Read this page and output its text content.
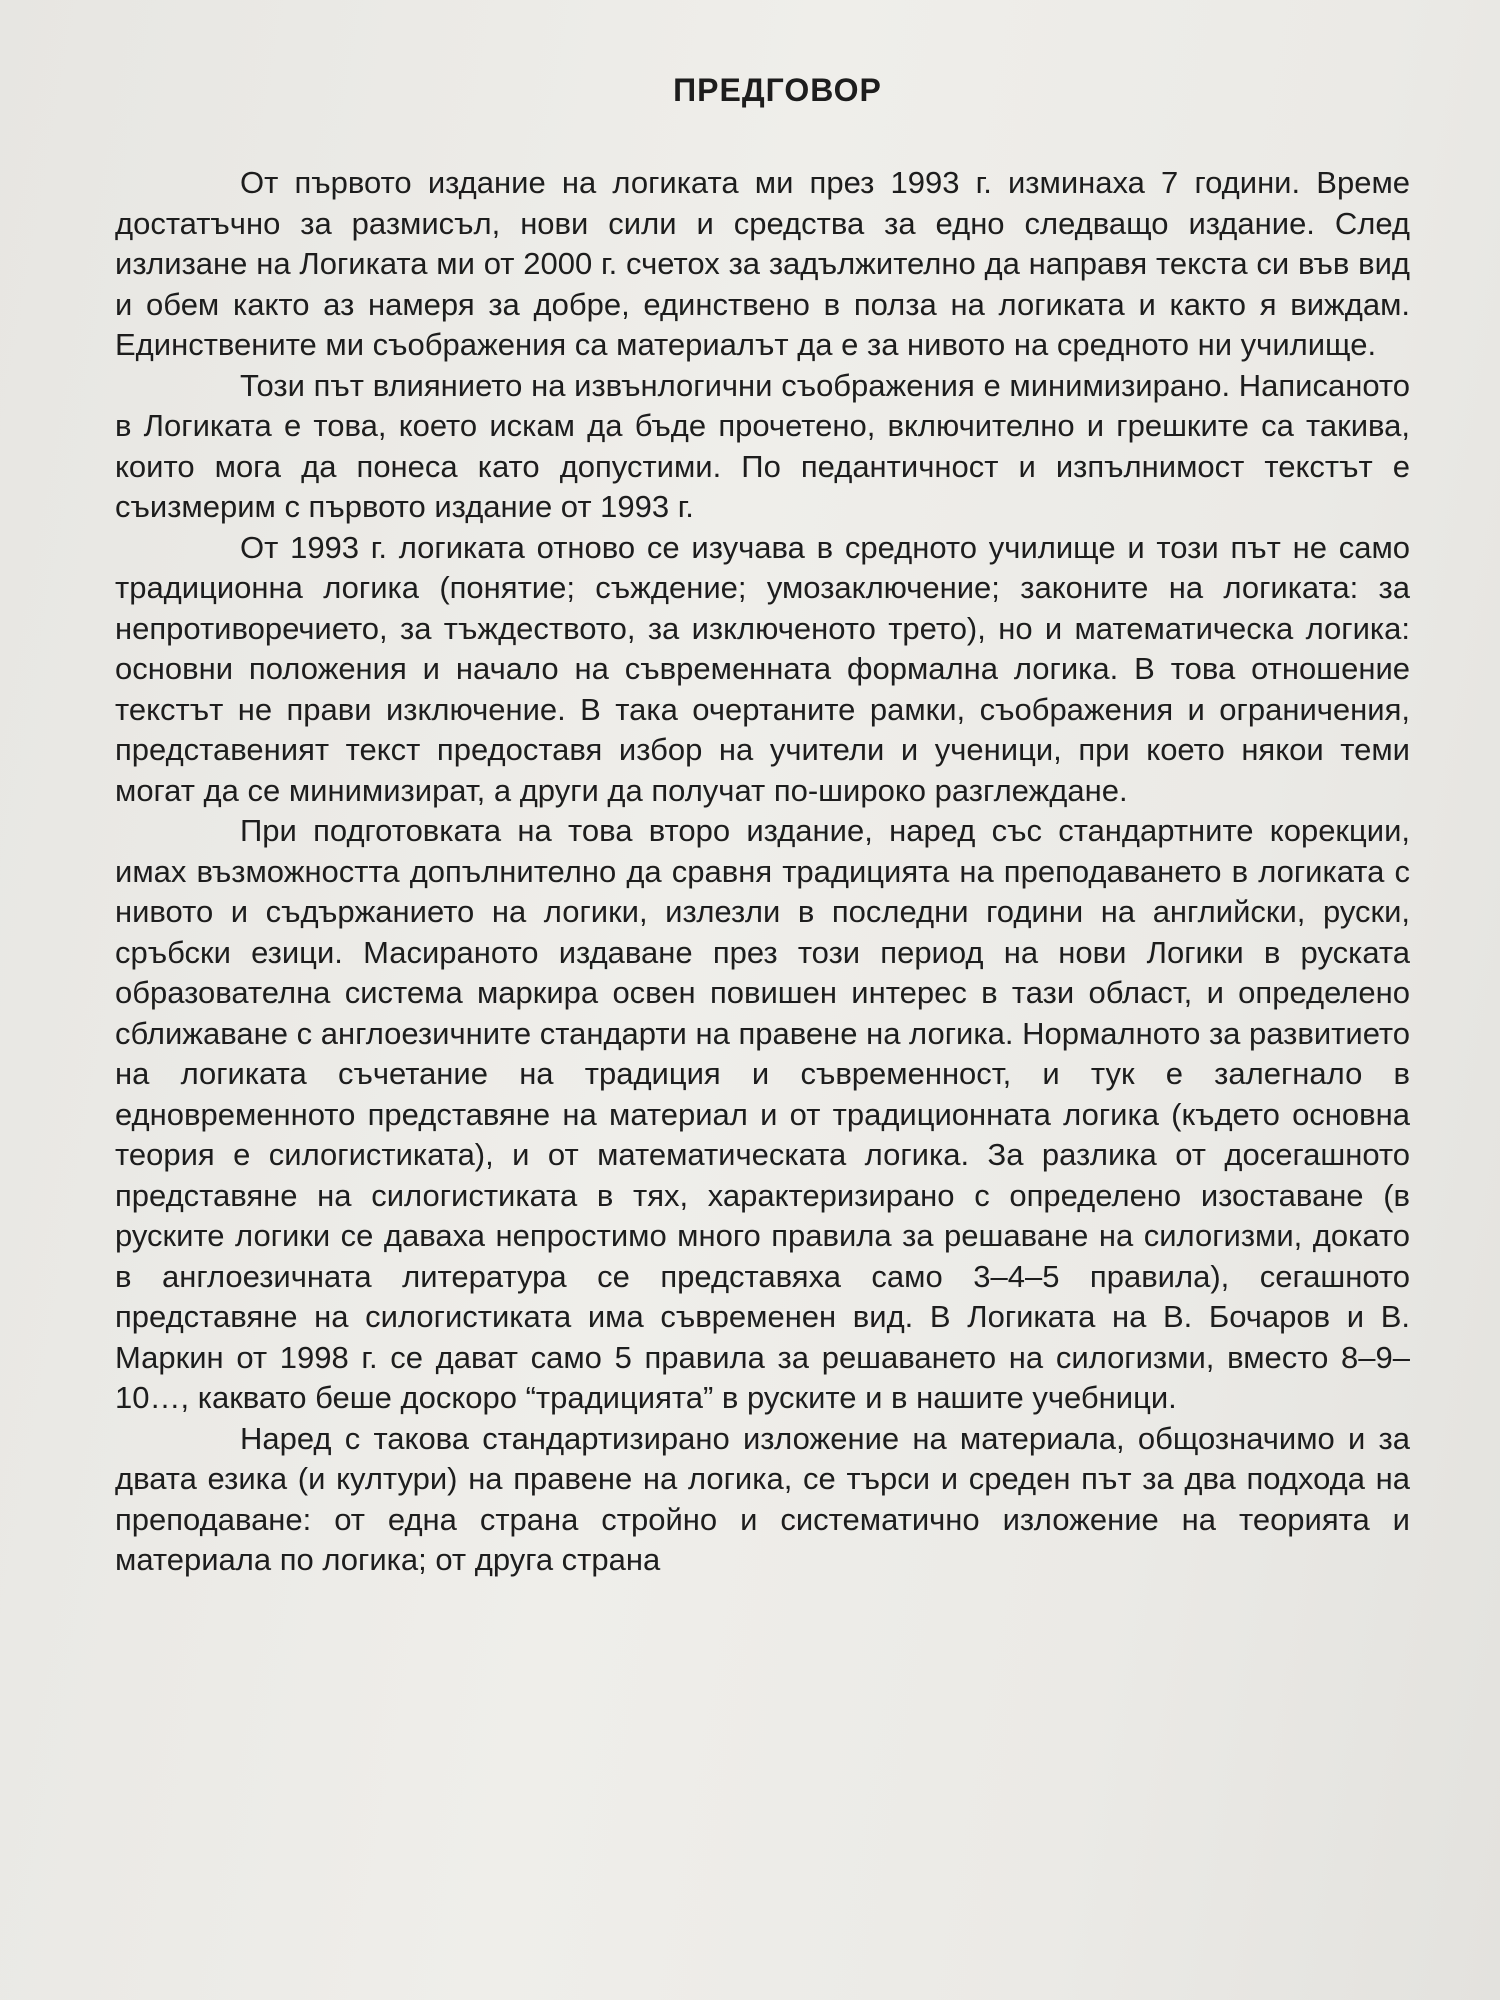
ПРЕДГОВОР

От първото издание на логиката ми през 1993 г. изминаха 7 години. Време достатъчно за размисъл, нови сили и средства за едно следващо издание. След излизане на Логиката ми от 2000 г. счетох за задължително да направя текста си във вид и обем както аз намеря за добре, единствено в полза на логиката и както я виждам. Единствените ми съображения са материалът да е за нивото на средното ни училище.

Този път влиянието на извънлогични съображения е минимизирано. Написаното в Логиката е това, което искам да бъде прочетено, включително и грешките са такива, които мога да понеса като допустими. По педантичност и изпълнимост текстът е съизмерим с първото издание от 1993 г.

От 1993 г. логиката отново се изучава в средното училище и този път не само традиционна логика (понятие; съждение; умозаключение; законите на логиката: за непротиворечието, за тъждеството, за изключеното трето), но и математическа логика: основни положения и начало на съвременната формална логика. В това отношение текстът не прави изключение. В така очертаните рамки, съображения и ограничения, представеният текст предоставя избор на учители и ученици, при което някои теми могат да се минимизират, а други да получат по-широко разглеждане.

При подготовката на това второ издание, наред със стандартните корекции, имах възможността допълнително да сравня традицията на преподаването в логиката с нивото и съдържанието на логики, излезли в последни години на английски, руски, сръбски езици. Масираното издаване през този период на нови Логики в руската образователна система маркира освен повишен интерес в тази област, и определено сближаване с англоезичните стандарти на правене на логика. Нормалното за развитието на логиката съчетание на традиция и съвременност, и тук е залегнало в едновременното представяне на материал и от традиционната логика (където основна теория е силогистиката), и от математическата логика. За разлика от досегашното представяне на силогистиката в тях, характеризирано с определено изоставане (в руските логики се даваха непростимо много правила за решаване на силогизми, докато в англоезичната литература се представяха само 3–4–5 правила), сегашното представяне на силогистиката има съвременен вид. В Логиката на В. Бочаров и В. Маркин от 1998 г. се дават само 5 правила за решаването на силогизми, вместо 8–9–10…, каквато беше доскоро “традицията” в руските и в нашите учебници.

Наред с такова стандартизирано изложение на материала, общозначимо и за двата езика (и култури) на правене на логика, се търси и среден път за два подхода на преподаване: от една страна стройно и систематично изложение на теорията и материала по логика; от друга страна
